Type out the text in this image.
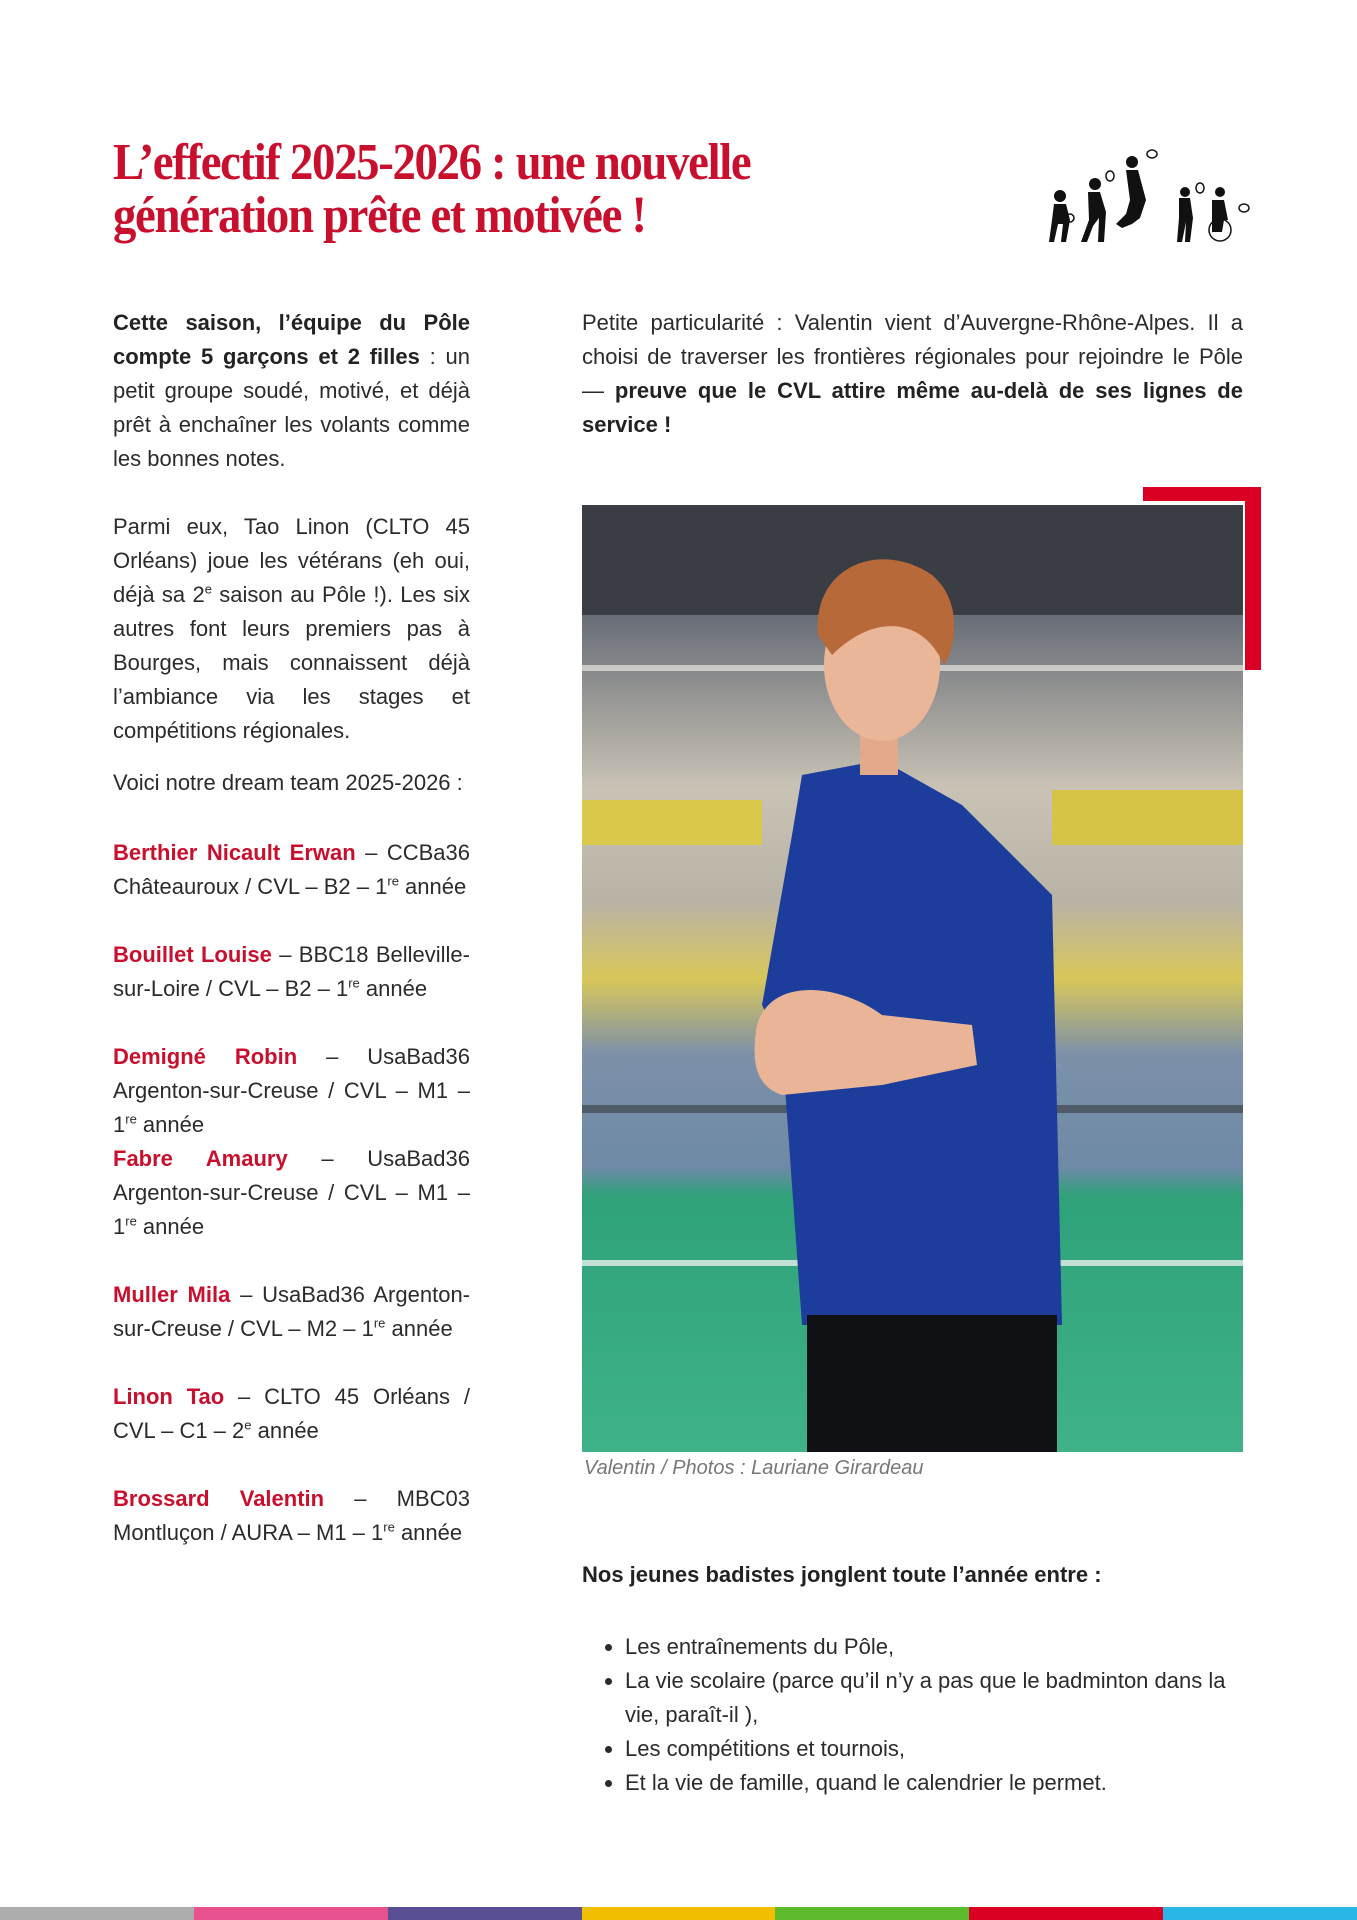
L’effectif 2025-2026 : une nouvelle
génération prête et motivée !

Cette saison, l’équipe du Pôle compte 5 garçons et 2 filles : un petit groupe soudé, motivé, et déjà prêt à enchaîner les volants comme les bonnes notes.

Parmi eux, Tao Linon (CLTO 45 Orléans) joue les vétérans (eh oui, déjà sa 2e saison au Pôle !). Les six autres font leurs premiers pas à Bourges, mais connaissent déjà l’ambiance via les stages et compétitions régionales.

Voici notre dream team 2025-2026 :

Berthier Nicault Erwan – CCBa36 Châteauroux / CVL – B2 – 1re année

Bouillet Louise – BBC18 Belleville-sur-Loire / CVL – B2 – 1re année

Demigné Robin – UsaBad36 Argenton-sur-Creuse / CVL – M1 – 1re année

Fabre Amaury – UsaBad36 Argenton-sur-Creuse / CVL – M1 – 1re année

Muller Mila – UsaBad36 Argenton-sur-Creuse / CVL – M2 – 1re année

Linon Tao – CLTO 45 Orléans / CVL – C1 – 2e année

Brossard Valentin – MBC03 Montluçon / AURA – M1 – 1re année

Petite particularité : Valentin vient d’Auvergne-Rhône-Alpes. Il a choisi de traverser les frontières régionales pour rejoindre le Pôle — preuve que le CVL attire même au-delà de ses lignes de service !

Valentin / Photos : Lauriane Girardeau

Nos jeunes badistes jonglent toute l’année entre :

• Les entraînements du Pôle,
• La vie scolaire (parce qu’il n’y a pas que le badminton dans la vie, paraît-il ),
• Les compétitions et tournois,
• Et la vie de famille, quand le calendrier le permet.
